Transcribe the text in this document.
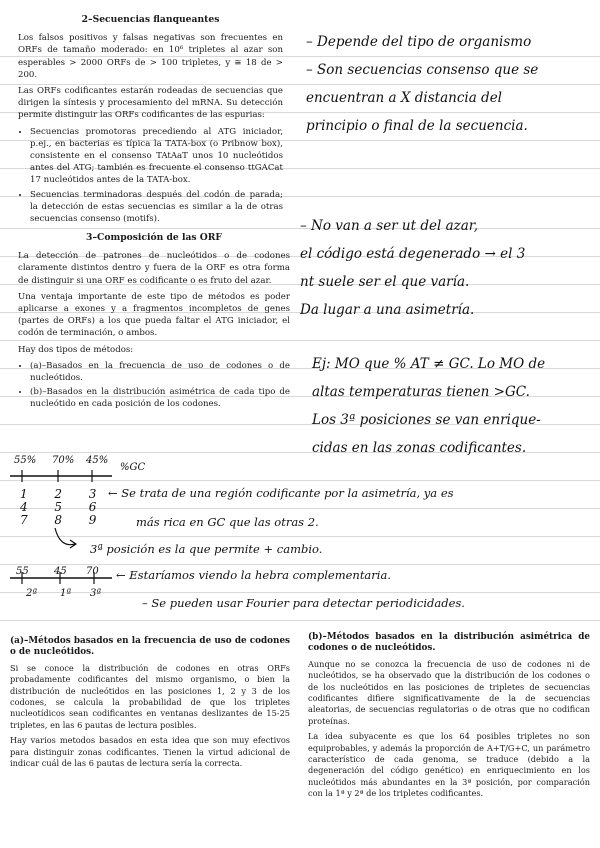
2–Secuencias flanqueantes

Los falsos positivos y falsas negativas son frecuentes en ORFs de tamaño moderado: en 10⁶ tripletes al azar son esperables > 2000 ORFs de > 100 tripletes, y ≅ 18 de > 200.

Las ORFs codificantes estarán rodeadas de secuencias que dirigen la síntesis y procesamiento del mRNA. Su detección permite distinguir las ORFs codificantes de las espurias:

• Secuencias promotoras precediendo al ATG iniciador, p.ej., en bacterias es típica la TATA-box (o Pribnow box), consistente en el consenso TAtAaT unos 10 nucleótidos antes del ATG; también es frecuente el consenso ttGACat 17 nucleótidos antes de la TATA-box.
• Secuencias terminadoras después del codón de parada; la detección de estas secuencias es similar a la de otras secuencias consenso (motifs).
3–Composición de las ORF

La detección de patrones de nucleótidos o de codones claramente distintos dentro y fuera de la ORF es otra forma de distinguir si una ORF es codificante o es fruto del azar.

Una ventaja importante de este tipo de métodos es poder aplicarse a exones y a fragmentos incompletos de genes (partes de ORFs) a los que pueda faltar el ATG iniciador, el codón de terminación, o ambos.

Hay dos tipos de métodos:

• (a)–Basados en la frecuencia de uso de codones o de nucleótidos.
• (b)–Basados en la distribución asimétrica de cada tipo de nucleótido en cada posición de los codones.
– Depende del tipo de organismo
– Son secuencias consenso que se
encuentran a X distancia del
principio o final de la secuencia.
– No van a ser ut del azar,
el código está degenerado → el 3
nt suele ser el que varía.
Da lugar a una asimetría.
Ej: MO que % AT ≠ GC. Lo MO de
altas temperaturas tienen >GC.
Los 3ª posiciones se van enrique-
cidas en las zonas codificantes.
55% 70% 45%
%GC
1 2 3
4 5 6
7 8 9
← Se trata de una región codificante por la asimetría, ya es
más rica en GC que las otras 2.
3ª posición es la que permite + cambio.
55	45 70
2ª 1ª 3ª
← Estaríamos viendo la hebra complementaria.
– Se pueden usar Fourier para detectar periodicidades.

(a)–Métodos basados en la frecuencia de uso de codones o de nucleótidos.

Si se conoce la distribución de codones en otras ORFs probadamente codificantes del mismo organismo, o bien la distribución de nucleótidos en las posiciones 1, 2 y 3 de los codones, se calcula la probabilidad de que los tripletes nucleotídicos sean codificantes en ventanas deslizantes de 15-25 tripletes, en las 6 pautas de lectura posibles.

Hay varios metodos basados en esta idea que son muy efectivos para distinguir zonas codificantes. Tienen la virtud adicional de indicar cuál de las 6 pautas de lectura sería la correcta.

(b)–Métodos basados en la distribución asimétrica de codones o de nucleótidos.

Aunque no se conozca la frecuencia de uso de codones ni de nucleótidos, se ha observado que la distribución de los codones o de los nucleótidos en las posiciones de tripletes de secuencias codificantes difiere significativamente de la de secuencias aleatorias, de secuencias regulatorias o de otras que no codifican proteínas.

La idea subyacente es que los 64 posibles tripletes no son equiprobables, y además la proporción de A+T/G+C, un parámetro característico de cada genoma, se traduce (debido a la degeneración del código genético) en enriquecimiento en los nucleótidos más abundantes en la 3ª posición, por comparación con la 1ª y 2ª de los tripletes codificantes.
